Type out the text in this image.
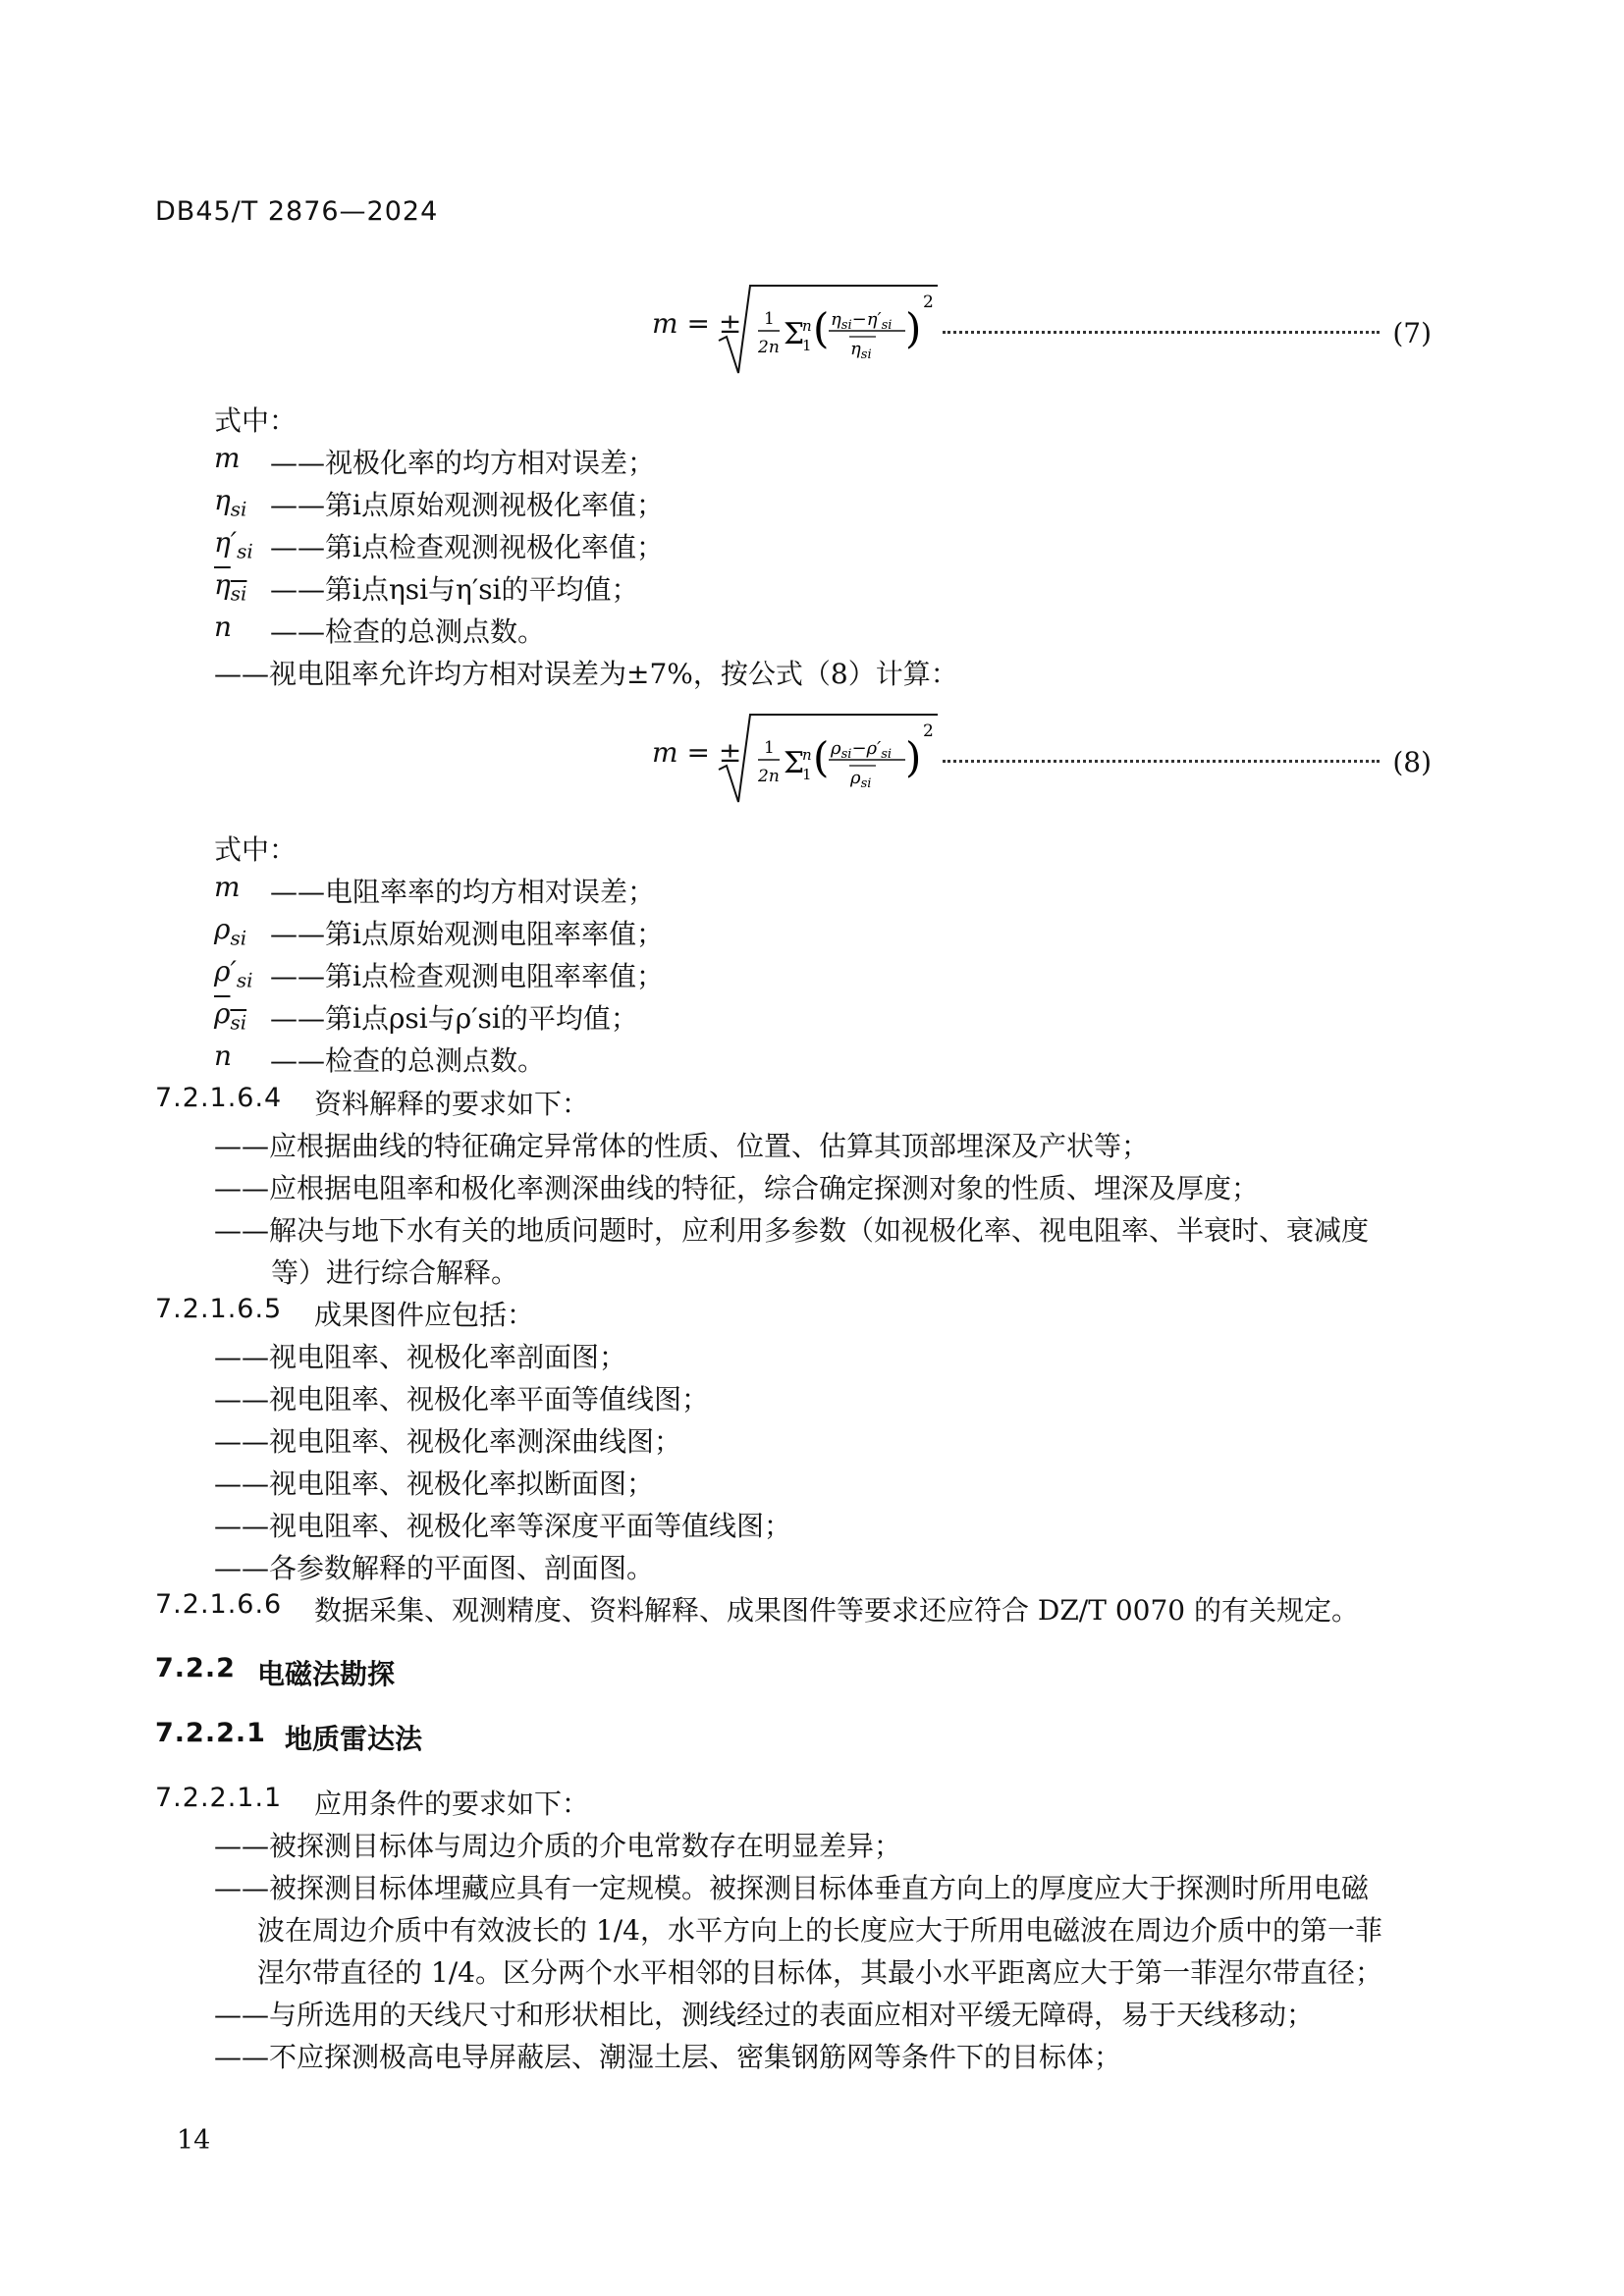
DB45/T 2876—2024
1
2n Σ
n
1 ( $\eta_{si}-\eta'_{si}$
$\eta_{si}$
)
2
m = ±	(7)
式中：
m ——视极化率的均方相对误差；
$\eta_{si}$ ——第i点原始观测视极化率值；
$\eta'_{si}$ ——第i点检查观测视极化率值；
$\eta_{si}$ ——第i点ηsi与η′si的平均值；
n ——检查的总测点数。
——视电阻率允许均方相对误差为±7%，按公式（8）计算：
1
2n Σ
n
1 ( $\rho_{si}-\rho'_{si}$
$\rho_{si}$
)
2
m = ±	(8)
式中：
m ——电阻率率的均方相对误差；
$\rho_{si}$ ——第i点原始观测电阻率率值；
$\rho'_{si}$ ——第i点检查观测电阻率率值；
$\rho_{si}$ ——第i点ρsi与ρ′si的平均值；
n ——检查的总测点数。
7.2.1.6.4 资料解释的要求如下：
——应根据曲线的特征确定异常体的性质、位置、估算其顶部埋深及产状等；
——应根据电阻率和极化率测深曲线的特征，综合确定探测对象的性质、埋深及厚度；
——解决与地下水有关的地质问题时，应利用多参数（如视极化率、视电阻率、半衰时、衰减度
等）进行综合解释。
7.2.1.6.5 成果图件应包括：
——视电阻率、视极化率剖面图；
——视电阻率、视极化率平面等值线图；
——视电阻率、视极化率测深曲线图；
——视电阻率、视极化率拟断面图；
——视电阻率、视极化率等深度平面等值线图；
——各参数解释的平面图、剖面图。
7.2.1.6.6 数据采集、观测精度、资料解释、成果图件等要求还应符合 DZ/T 0070 的有关规定。
7.2.2 电磁法勘探
7.2.2.1 地质雷达法
7.2.2.1.1 应用条件的要求如下：
——被探测目标体与周边介质的介电常数存在明显差异；
——被探测目标体埋藏应具有一定规模。被探测目标体垂直方向上的厚度应大于探测时所用电磁
波在周边介质中有效波长的 1/4，水平方向上的长度应大于所用电磁波在周边介质中的第一菲
涅尔带直径的 1/4。区分两个水平相邻的目标体，其最小水平距离应大于第一菲涅尔带直径；
——与所选用的天线尺寸和形状相比，测线经过的表面应相对平缓无障碍，易于天线移动；
——不应探测极高电导屏蔽层、潮湿土层、密集钢筋网等条件下的目标体；
14
